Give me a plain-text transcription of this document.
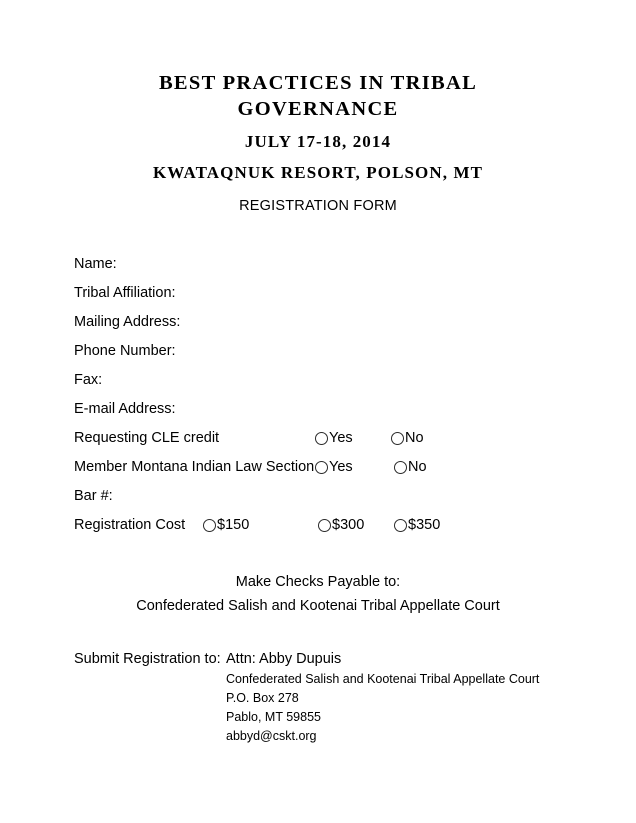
BEST PRACTICES IN TRIBAL
GOVERNANCE
JULY 17-18, 2014
KWATAQNUK RESORT, POLSON, MT
REGISTRATION FORM
Name:
Tribal Affiliation:
Mailing Address:
Phone Number:
Fax:
E-mail Address:
Requesting CLE credit	Yes	No
Member Montana Indian Law Section Yes	No
Bar #:
Registration Cost $150	$300	$350
Make Checks Payable to:
Confederated Salish and Kootenai Tribal Appellate Court
Submit Registration to: Attn: Abby Dupuis
Confederated Salish and Kootenai Tribal Appellate Court
P.O. Box 278
Pablo, MT 59855
abbyd@cskt.org
